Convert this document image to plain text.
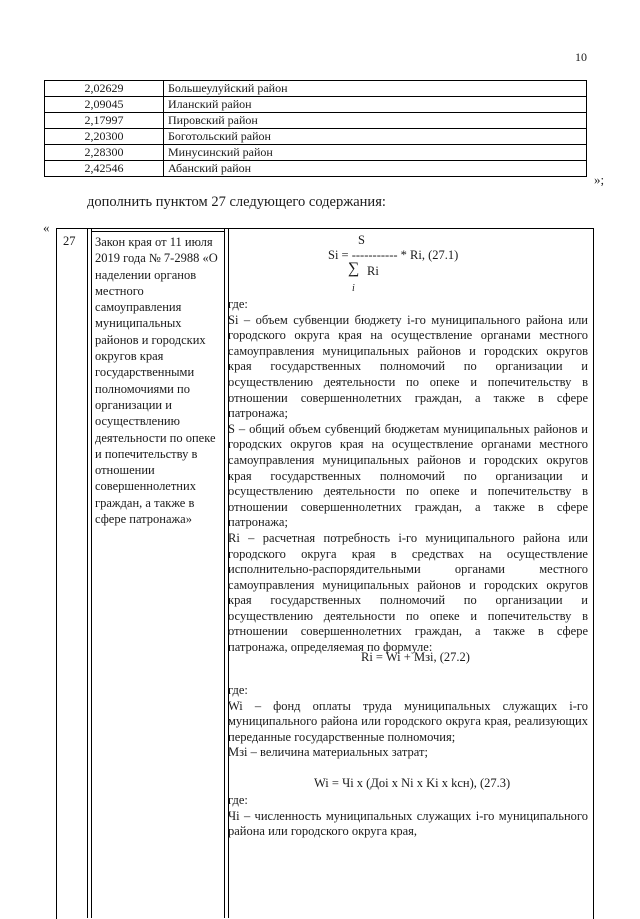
10
2,02629	Большеулуйский район
2,09045	Иланский район
2,17997	Пировский район
2,20300	Боготольский район
2,28300	Минусинский район
2,42546	Абанский район
»;
дополнить пунктом 27 следующего содержания:
«
27 Закон края от 11 июля 2019 года № 7-2988 «О наделении органов местного самоуправления муниципальных районов и городских округов края государственными полномочиями по организации и осуществлению деятельности по опеке и попечительству в отношении совершеннолетних граждан, а также в сфере патронажа»
S
Si = ----------- * Ri, (27.1)
∑ Ri
i

где:

Si – объем субвенции бюджету i-го муниципального района или городского округа края на осуществление органами местного самоуправления муниципальных районов и городских округов края государственных полномочий по организации и осуществлению деятельности по опеке и попечительству в отношении совершеннолетних граждан, а также в сфере патронажа;

S – общий объем субвенций бюджетам муниципальных районов и городских округов края на осуществление органами местного самоуправления муниципальных районов и городских округов края государственных полномочий по организации и осуществлению деятельности по опеке и попечительству в отношении совершеннолетних граждан, а также в сфере патронажа;

Ri – расчетная потребность i-го муниципального района или городского округа края в средствах на осуществление исполнительно-распорядительными органами местного самоуправления муниципальных районов и городских округов края государственных полномочий по организации и осуществлению деятельности по опеке и попечительству в отношении совершеннолетних граждан, а также в сфере патронажа, определяемая по формуле:

Ri = Wi + Мзi, (27.2)

где:

Wi – фонд оплаты труда муниципальных служащих i-го муниципального района или городского округа края, реализующих переданные государственные полномочия;

Мзi – величина материальных затрат;

Wi = Чi x (Доi x Ni x Ki x kсн), (27.3)

где:

Чi – численность муниципальных служащих i-го муниципального района или городского округа края,
